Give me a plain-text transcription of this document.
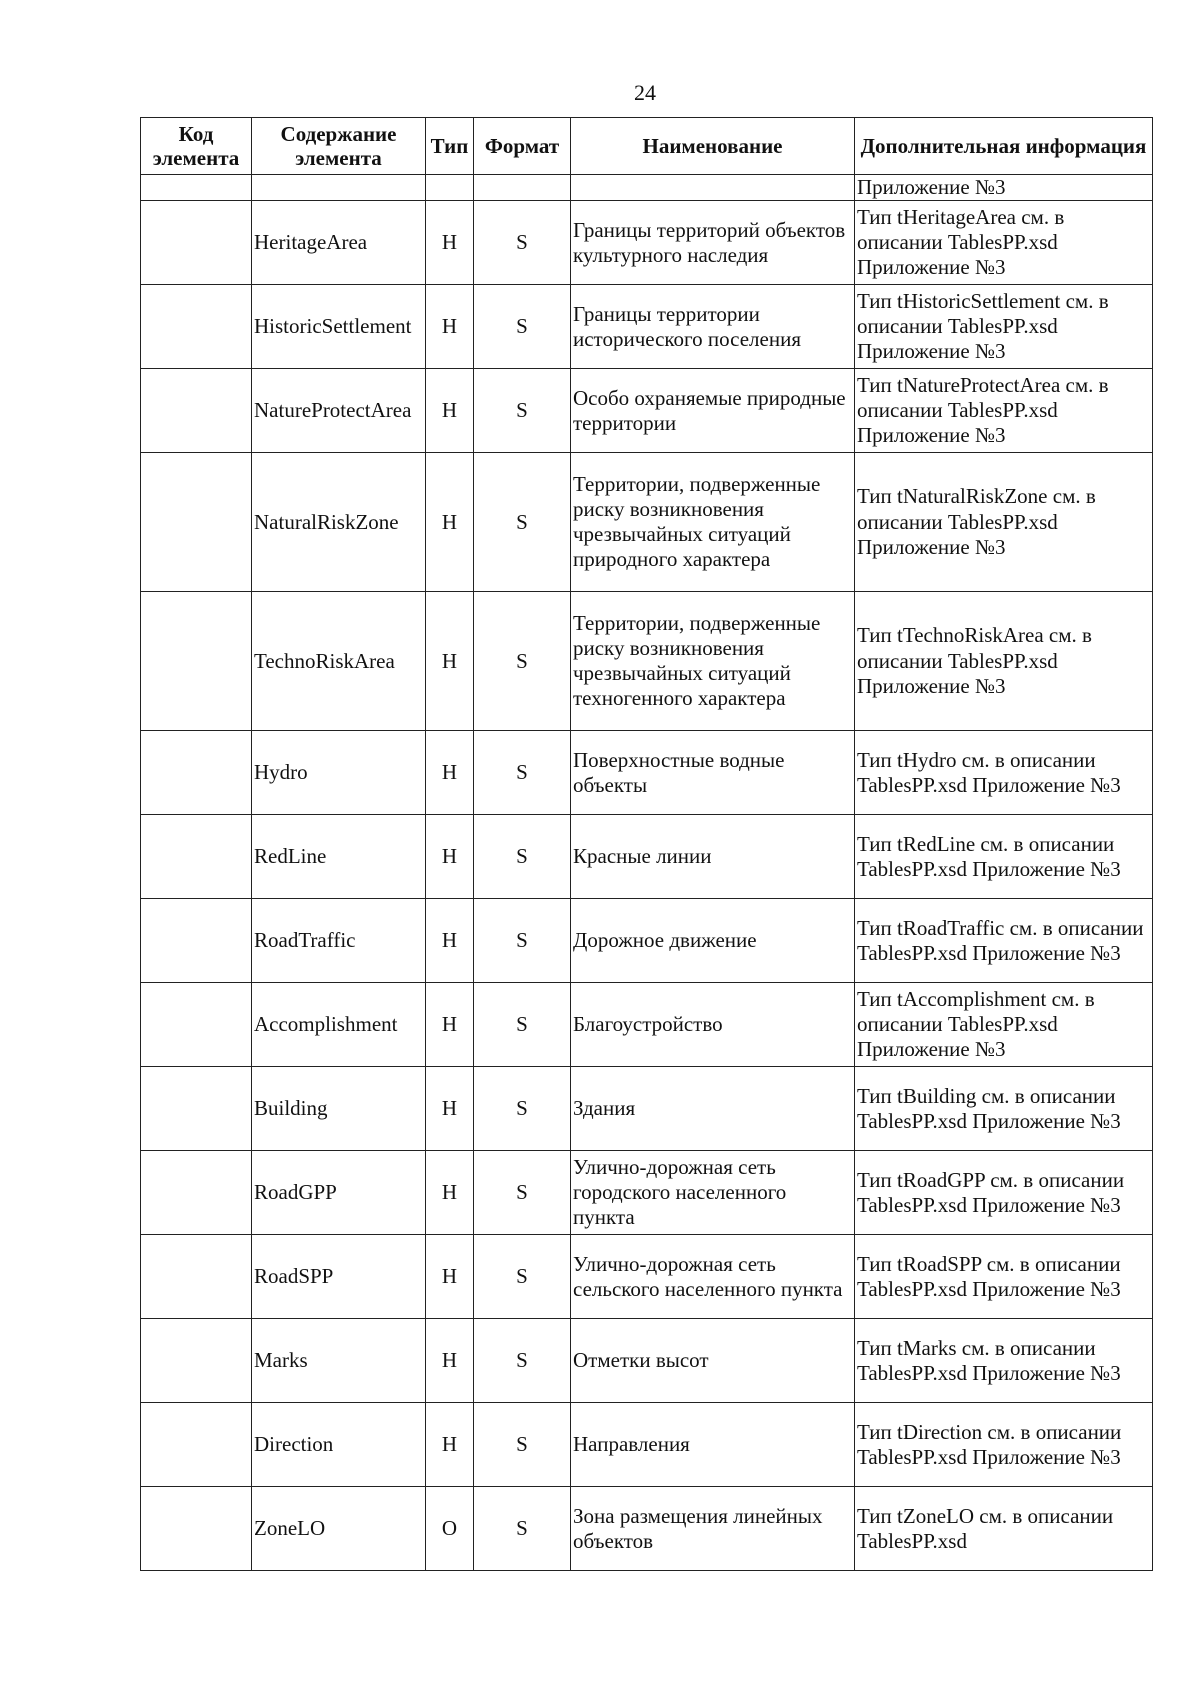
24
Код элемента	Содержание элемента	Тип	Формат	Наименование	Дополнительная информация
					Приложение №3
	HeritageArea	Н	S	Границы территорий объектов культурного наследия	Тип tHeritageArea см. в описании TablesPP.xsd Приложение №3
	HistoricSettlement	Н	S	Границы территории исторического поселения	Тип tHistoricSettlement см. в описании TablesPP.xsd Приложение №3
	NatureProtectArea	Н	S	Особо охраняемые природные территории	Тип tNatureProtectArea см. в описании TablesPP.xsd Приложение №3
	NaturalRiskZone	Н	S	Территории, подверженные риску возникновения чрезвычайных ситуаций природного характера	Тип tNaturalRiskZone см. в описании TablesPP.xsd Приложение №3
	TechnoRiskArea	Н	S	Территории, подверженные риску возникновения чрезвычайных ситуаций техногенного характера	Тип tTechnoRiskArea см. в описании TablesPP.xsd Приложение №3
	Hydro	Н	S	Поверхностные водные объекты	Тип tHydro см. в описании TablesPP.xsd Приложение №3
	RedLine	Н	S	Красные линии	Тип tRedLine см. в описании TablesPP.xsd Приложение №3
	RoadTraffic	Н	S	Дорожное движение	Тип tRoadTraffic см. в описании TablesPP.xsd Приложение №3
	Accomplishment	Н	S	Благоустройство	Тип tAccomplishment см. в описании TablesPP.xsd Приложение №3
	Building	Н	S	Здания	Тип tBuilding см. в описании TablesPP.xsd Приложение №3
	RoadGPP	Н	S	Улично-дорожная сеть городского населенного пункта	Тип tRoadGPP см. в описании TablesPP.xsd Приложение №3
	RoadSPP	Н	S	Улично-дорожная сеть сельского населенного пункта	Тип tRoadSPP см. в описании TablesPP.xsd Приложение №3
	Marks	Н	S	Отметки высот	Тип tMarks см. в описании TablesPP.xsd Приложение №3
	Direction	Н	S	Направления	Тип tDirection см. в описании TablesPP.xsd Приложение №3
	ZoneLO	О	S	Зона размещения линейных объектов	Тип tZoneLO см. в описании TablesPP.xsd
